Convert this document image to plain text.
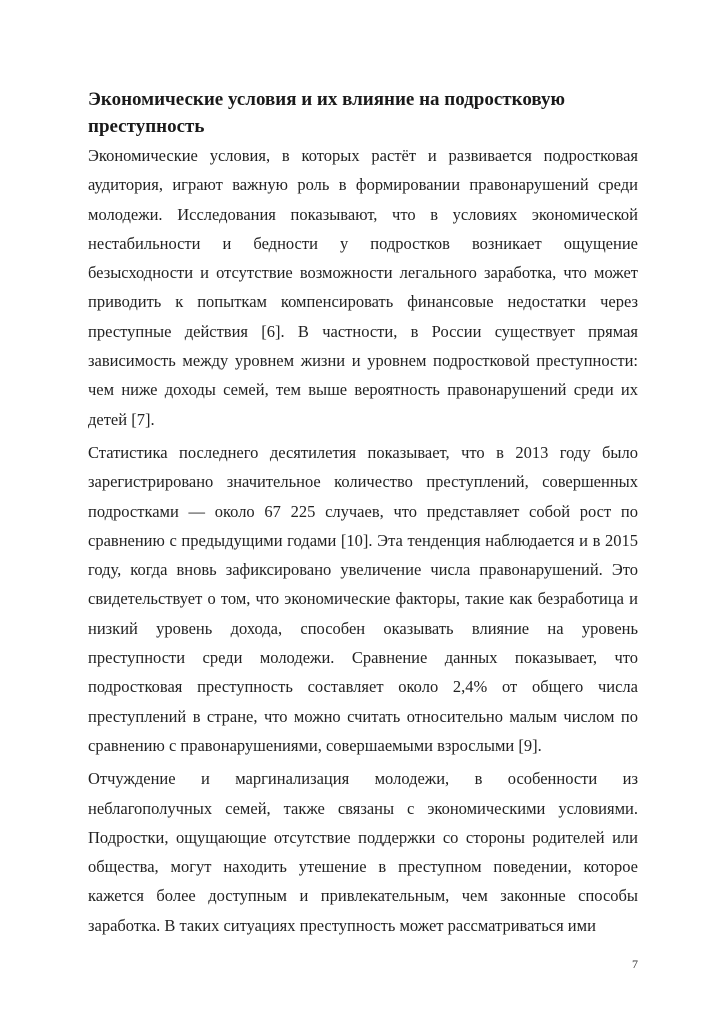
Экономические условия и их влияние на подростковую преступность

Экономические условия, в которых растёт и развивается подростковая аудитория, играют важную роль в формировании правонарушений среди молодежи. Исследования показывают, что в условиях экономической нестабильности и бедности у подростков возникает ощущение безысходности и отсутствие возможности легального заработка, что может приводить к попыткам компенсировать финансовые недостатки через преступные действия [6]. В частности, в России существует прямая зависимость между уровнем жизни и уровнем подростковой преступности: чем ниже доходы семей, тем выше вероятность правонарушений среди их детей [7].

Статистика последнего десятилетия показывает, что в 2013 году было зарегистрировано значительное количество преступлений, совершенных подростками — около 67 225 случаев, что представляет собой рост по сравнению с предыдущими годами [10]. Эта тенденция наблюдается и в 2015 году, когда вновь зафиксировано увеличение числа правонарушений. Это свидетельствует о том, что экономические факторы, такие как безработица и низкий уровень дохода, способен оказывать влияние на уровень преступности среди молодежи. Сравнение данных показывает, что подростковая преступность составляет около 2,4% от общего числа преступлений в стране, что можно считать относительно малым числом по сравнению с правонарушениями, совершаемыми взрослыми [9].

Отчуждение и маргинализация молодежи, в особенности из неблагополучных семей, также связаны с экономическими условиями. Подростки, ощущающие отсутствие поддержки со стороны родителей или общества, могут находить утешение в преступном поведении, которое кажется более доступным и привлекательным, чем законные способы заработка. В таких ситуациях преступность может рассматриваться ими

7
